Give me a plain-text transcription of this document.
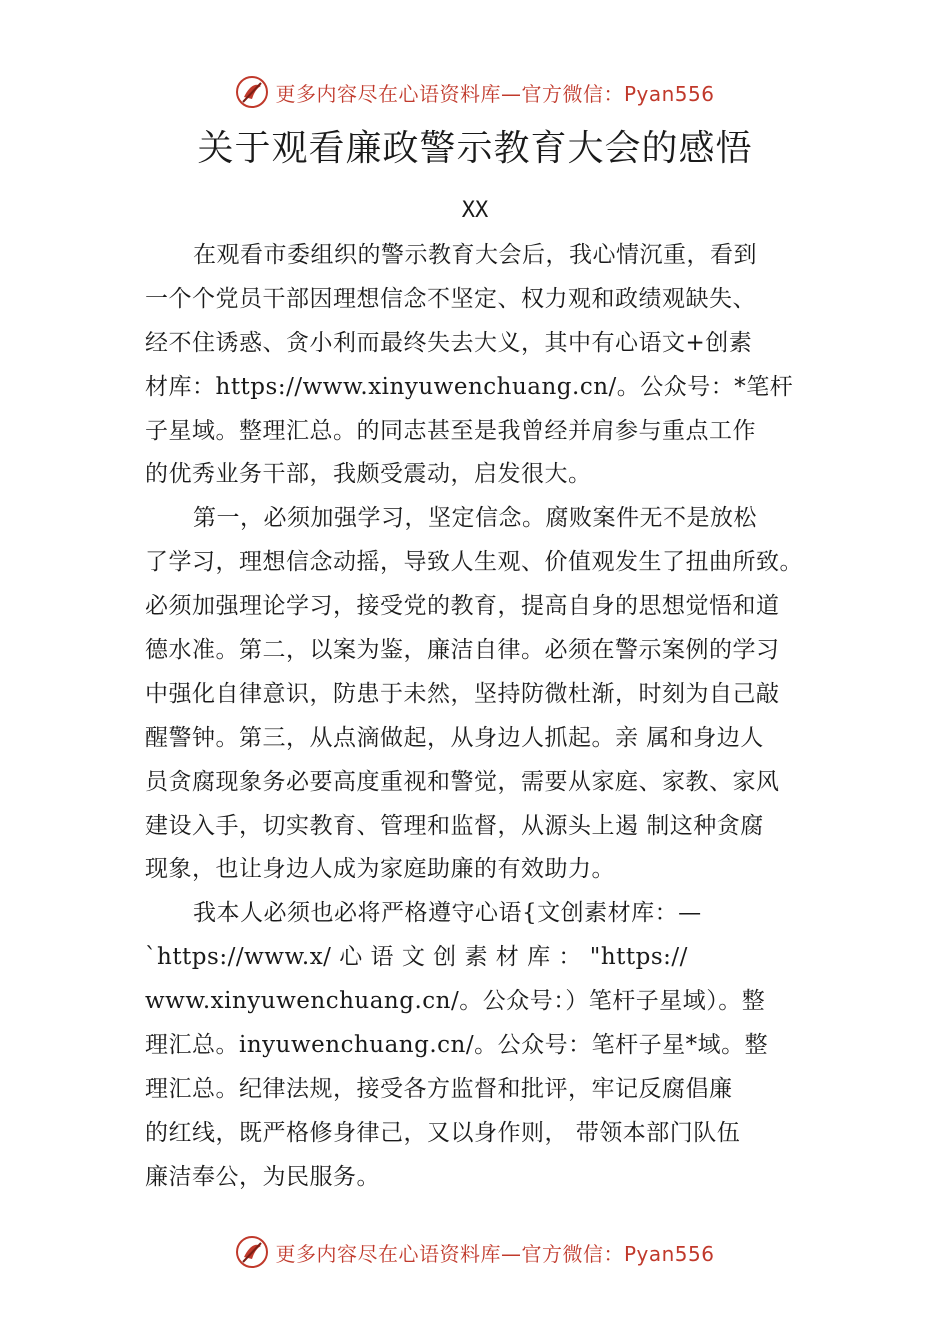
更多内容尽在心语资料库—官方微信：Pyan556
关于观看廉政警示教育大会的感悟
XX
在观看市委组织的警示教育大会后，我心情沉重，看到
一个个党员干部因理想信念不坚定、权力观和政绩观缺失、
经不住诱惑、贪小利而最终失去大义，其中有心语文+创素
材库：https://www.xinyuwenchuang.cn/。公众号：*笔杆
子星域。整理汇总。的同志甚至是我曾经并肩参与重点工作
的优秀业务干部，我颇受震动，启发很大。
第一，必须加强学习，坚定信念。腐败案件无不是放松
了学习，理想信念动摇，导致人生观、价值观发生了扭曲所致。
必须加强理论学习，接受党的教育，提高自身的思想觉悟和道
德水准。第二，以案为鉴，廉洁自律。必须在警示案例的学习
中强化自律意识，防患于未然，坚持防微杜渐，时刻为自己敲
醒警钟。第三，从点滴做起，从身边人抓起。亲 属和身边人
员贪腐现象务必要高度重视和警觉，需要从家庭、家教、家风
建设入手，切实教育、管理和监督，从源头上遏 制这种贪腐
现象，也让身边人成为家庭助廉的有效助力。
我本人必须也必将严格遵守心语{文创素材库：—
`https://www.x/ 心 语 文 创 素 材 库 ： "https://
www.xinyuwenchuang.cn/。公众号：）笔杆子星域）。整
理汇总。inyuwenchuang.cn/。公众号：笔杆子星*域。整
理汇总。纪律法规，接受各方监督和批评，牢记反腐倡廉
的红线，既严格修身律己，又以身作则， 带领本部门队伍
廉洁奉公，为民服务。
更多内容尽在心语资料库—官方微信：Pyan556
